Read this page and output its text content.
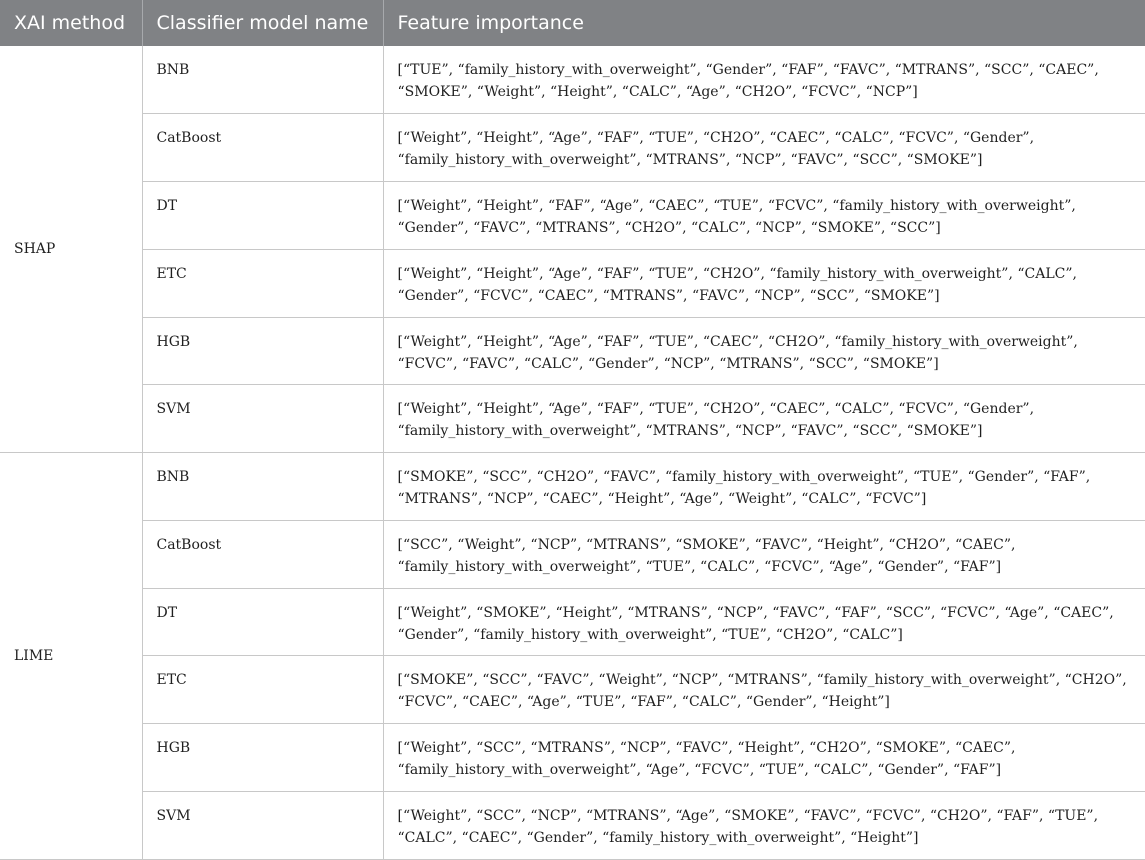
XAI method	Classifier model name	Feature importance
SHAP	BNB	[“TUE”, “family_history_with_overweight”, “Gender”, “FAF”, “FAVC”, “MTRANS”, “SCC”, “CAEC”, “SMOKE”, “Weight”, “Height”, “CALC”, “Age”, “CH2O”, “FCVC”, “NCP”]
	CatBoost	[“Weight”, “Height”, “Age”, “FAF”, “TUE”, “CH2O”, “CAEC”, “CALC”, “FCVC”, “Gender”, “family_history_with_overweight”, “MTRANS”, “NCP”, “FAVC”, “SCC”, “SMOKE”]
	DT	[“Weight”, “Height”, “FAF”, “Age”, “CAEC”, “TUE”, “FCVC”, “family_history_with_overweight”, “Gender”, “FAVC”, “MTRANS”, “CH2O”, “CALC”, “NCP”, “SMOKE”, “SCC”]
	ETC	[“Weight”, “Height”, “Age”, “FAF”, “TUE”, “CH2O”, “family_history_with_overweight”, “CALC”, “Gender”, “FCVC”, “CAEC”, “MTRANS”, “FAVC”, “NCP”, “SCC”, “SMOKE”]
	HGB	[“Weight”, “Height”, “Age”, “FAF”, “TUE”, “CAEC”, “CH2O”, “family_history_with_overweight”, “FCVC”, “FAVC”, “CALC”, “Gender”, “NCP”, “MTRANS”, “SCC”, “SMOKE”]
	SVM	[“Weight”, “Height”, “Age”, “FAF”, “TUE”, “CH2O”, “CAEC”, “CALC”, “FCVC”, “Gender”, “family_history_with_overweight”, “MTRANS”, “NCP”, “FAVC”, “SCC”, “SMOKE”]
LIME	BNB	[“SMOKE”, “SCC”, “CH2O”, “FAVC”, “family_history_with_overweight”, “TUE”, “Gender”, “FAF”, “MTRANS”, “NCP”, “CAEC”, “Height”, “Age”, “Weight”, “CALC”, “FCVC”]
	CatBoost	[“SCC”, “Weight”, “NCP”, “MTRANS”, “SMOKE”, “FAVC”, “Height”, “CH2O”, “CAEC”, “family_history_with_overweight”, “TUE”, “CALC”, “FCVC”, “Age”, “Gender”, “FAF”]
	DT	[“Weight”, “SMOKE”, “Height”, “MTRANS”, “NCP”, “FAVC”, “FAF”, “SCC”, “FCVC”, “Age”, “CAEC”, “Gender”, “family_history_with_overweight”, “TUE”, “CH2O”, “CALC”]
	ETC	[“SMOKE”, “SCC”, “FAVC”, “Weight”, “NCP”, “MTRANS”, “family_history_with_overweight”, “CH2O”, “FCVC”, “CAEC”, “Age”, “TUE”, “FAF”, “CALC”, “Gender”, “Height”]
	HGB	[“Weight”, “SCC”, “MTRANS”, “NCP”, “FAVC”, “Height”, “CH2O”, “SMOKE”, “CAEC”, “family_history_with_overweight”, “Age”, “FCVC”, “TUE”, “CALC”, “Gender”, “FAF”]
	SVM	[“Weight”, “SCC”, “NCP”, “MTRANS”, “Age”, “SMOKE”, “FAVC”, “FCVC”, “CH2O”, “FAF”, “TUE”, “CALC”, “CAEC”, “Gender”, “family_history_with_overweight”, “Height”]
